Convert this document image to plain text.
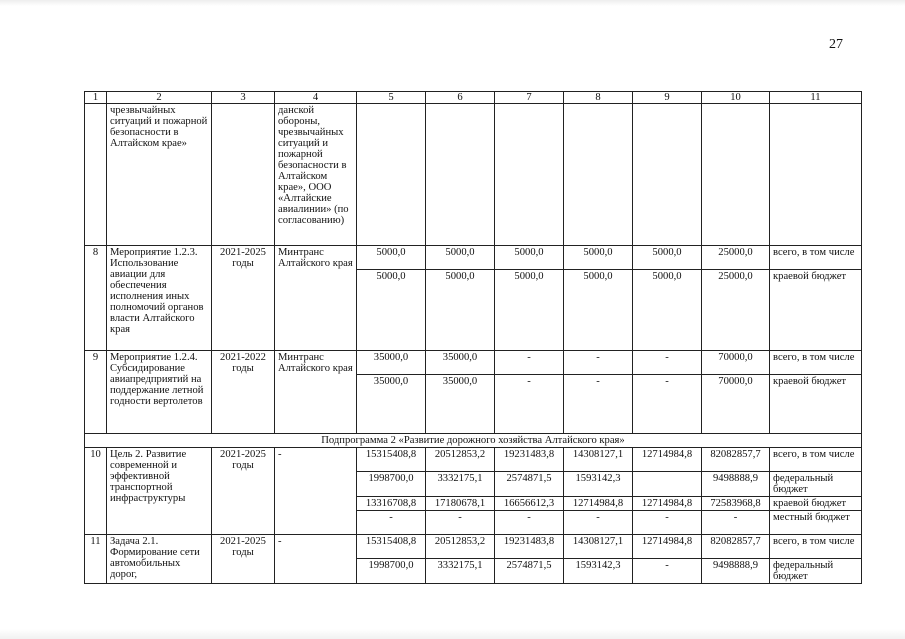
27
1	2	3	4	5	6	7	8	9	10	11
	чрезвычайных ситуаций и пожарной безопасности в Алтайском крае»		данской обороны, чрезвычайных ситуаций и пожарной безопасности в Алтайском крае», ООО «Алтайские авиалинии» (по согласованию)							
8	Мероприятие 1.2.3. Использование авиации для обеспечения исполнения иных полномочий органов власти Алтайского края	2021-2025 годы	Минтранс Алтайского края	5000,0	5000,0	5000,0	5000,0	5000,0	25000,0	всего, в том числе
				5000,0	5000,0	5000,0	5000,0	5000,0	25000,0	краевой бюджет
9	Мероприятие 1.2.4. Субсидирование авиапредприятий на поддержание летной годности вертолетов	2021-2022 годы	Минтранс Алтайского края	35000,0	35000,0	-	-	-	70000,0	всего, в том числе
				35000,0	35000,0	-	-	-	70000,0	краевой бюджет
Подпрограмма 2 «Развитие дорожного хозяйства Алтайского края»										
10	Цель 2. Развитие современной и эффективной транспортной инфраструктуры	2021-2025 годы	-	15315408,8	20512853,2	19231483,8	14308127,1	12714984,8	82082857,7	всего, в том числе
				1998700,0	3332175,1	2574871,5	1593142,3		9498888,9	федеральный бюджет
				13316708,8	17180678,1	16656612,3	12714984,8	12714984,8	72583968,8	краевой бюджет
				-	-	-	-	-	-	местный бюджет
11	Задача 2.1. Формирование сети автомобильных дорог,	2021-2025 годы	-	15315408,8	20512853,2	19231483,8	14308127,1	12714984,8	82082857,7	всего, в том числе
				1998700,0	3332175,1	2574871,5	1593142,3	-	9498888,9	федеральный бюджет
